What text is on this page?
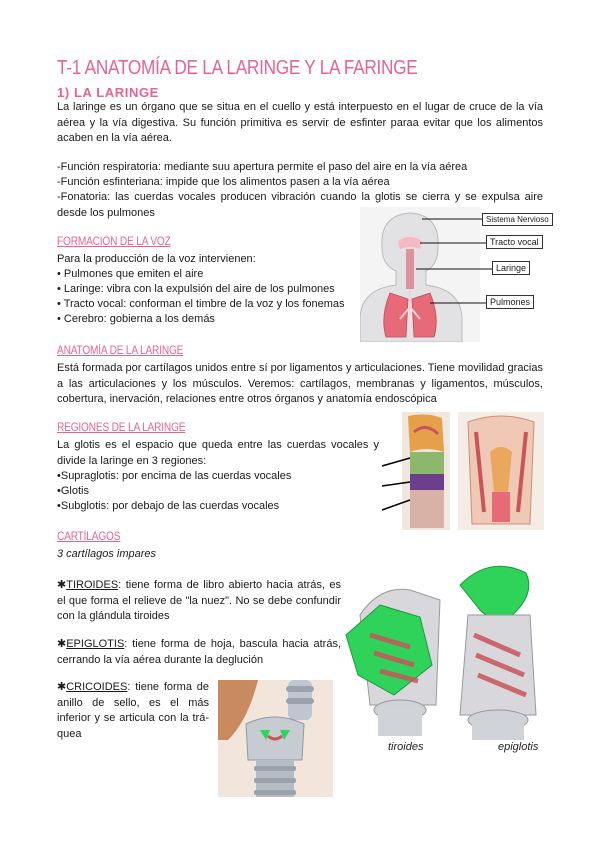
T-1 ANATOMÍA DE LA LARINGE Y LA FARINGE
1) LA LARINGE
La laringe es un órgano que se situa en el cuello y está interpuesto en el lugar de cruce de la vía aérea y la vía digestiva. Su función primitiva es servir de esfinter paraa evitar que los alimentos acaben en la vía aérea.
-Función respiratoria: mediante suu apertura permite el paso del aire en la vía aérea
-Función esfinteriana: impide que los alimentos pasen a la vía aérea
-Fonatoria: las cuerdas vocales producen vibración cuando la glotis se cierra y se expulsa aire desde los pulmones
FORMACIÓN DE LA VOZ
Para la producción de la voz intervienen:
• Pulmones que emiten el aire
• Laringe: vibra con la expulsión del aire de los pulmones
• Tracto vocal: conforman el timbre de la voz y los fonemas
• Cerebro: gobierna a los demás
Sistema Nervioso
Tracto vocal
Laringe
Pulmones
ANATOMÍA DE LA LARINGE
Está formada por cartílagos unidos entre sí por ligamentos y articulaciones. Tiene movilidad gracias a las articulaciones y los músculos. Veremos: cartílagos, membranas y ligamentos, músculos, cobertura, inervación, relaciones entre otros órganos y anatomía endoscópica
REGIONES DE LA LARINGE
La glotis es el espacio que queda entre las cuerdas vocales y divide la laringe en 3 regiones:
•Supraglotis: por encima de las cuerdas vocales
•Glotis
•Subglotis: por debajo de las cuerdas vocales
CARTÍLAGOS
3 cartílagos impares
✱TIROIDES: tiene forma de libro abierto hacia atrás, es el que forma el relieve de "la nuez". No se debe confundir con la glándula tiroides
✱EPIGLOTIS: tiene forma de hoja, bascula hacia atrás, cerrando la vía aérea durante la deglución
✱CRICOIDES: tiene forma de anillo de sello, es el más inferior y se articula con la trá-quea
tiroides	epiglotis
